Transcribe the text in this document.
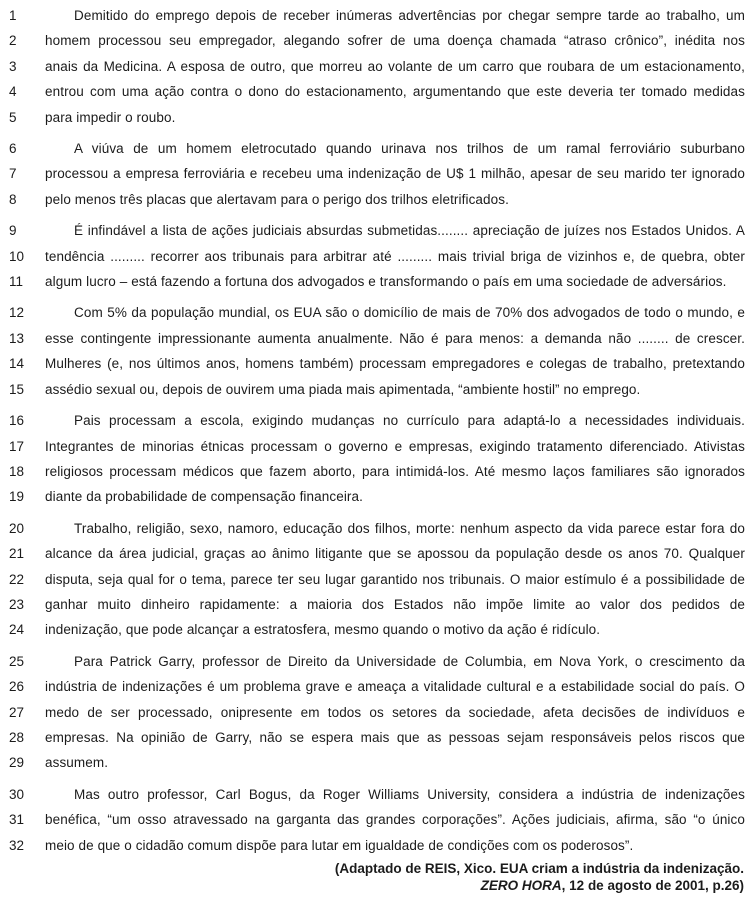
1	Demitido do emprego depois de receber inúmeras advertências por chegar sempre tarde ao trabalho, um
2	homem processou seu empregador, alegando sofrer de uma doença chamada “atraso crônico”, inédita nos
3	anais da Medicina. A esposa de outro, que morreu ao volante de um carro que roubara de um estacionamento,
4	entrou com uma ação contra o dono do estacionamento, argumentando que este deveria ter tomado medidas
5	para impedir o roubo.
6	A viúva de um homem eletrocutado quando urinava nos trilhos de um ramal ferroviário suburbano
7	processou a empresa ferroviária e recebeu uma indenização de U$ 1 milhão, apesar de seu marido ter ignorado
8	pelo menos três placas que alertavam para o perigo dos trilhos eletrificados.
9	É infindável a lista de ações judiciais absurdas submetidas........ apreciação de juízes nos Estados Unidos. A
10	tendência ......... recorrer aos tribunais para arbitrar até ......... mais trivial briga de vizinhos e, de quebra, obter
11	algum lucro – está fazendo a fortuna dos advogados e transformando o país em uma sociedade de adversários.
12	Com 5% da população mundial, os EUA são o domicílio de mais de 70% dos advogados de todo o mundo, e
13	esse contingente impressionante aumenta anualmente. Não é para menos: a demanda não ........ de crescer.
14	Mulheres (e, nos últimos anos, homens também) processam empregadores e colegas de trabalho, pretextando
15	assédio sexual ou, depois de ouvirem uma piada mais apimentada, “ambiente hostil” no emprego.
16	Pais processam a escola, exigindo mudanças no currículo para adaptá-lo a necessidades individuais.
17	Integrantes de minorias étnicas processam o governo e empresas, exigindo tratamento diferenciado. Ativistas
18	religiosos processam médicos que fazem aborto, para intimidá-los. Até mesmo laços familiares são ignorados
19	diante da probabilidade de compensação financeira.
20	Trabalho, religião, sexo, namoro, educação dos filhos, morte: nenhum aspecto da vida parece estar fora do
21	alcance da área judicial, graças ao ânimo litigante que se apossou da população desde os anos 70. Qualquer
22	disputa, seja qual for o tema, parece ter seu lugar garantido nos tribunais. O maior estímulo é a possibilidade de
23	ganhar muito dinheiro rapidamente: a maioria dos Estados não impõe limite ao valor dos pedidos de
24	indenização, que pode alcançar a estratosfera, mesmo quando o motivo da ação é ridículo.
25	Para Patrick Garry, professor de Direito da Universidade de Columbia, em Nova York, o crescimento da
26	indústria de indenizações é um problema grave e ameaça a vitalidade cultural e a estabilidade social do país. O
27	medo de ser processado, onipresente em todos os setores da sociedade, afeta decisões de indivíduos e
28	empresas. Na opinião de Garry, não se espera mais que as pessoas sejam responsáveis pelos riscos que
29	assumem.
30	Mas outro professor, Carl Bogus, da Roger Williams University, considera a indústria de indenizações
31	benéfica, “um osso atravessado na garganta das grandes corporações”. Ações judiciais, afirma, são “o único
32	meio de que o cidadão comum dispõe para lutar em igualdade de condições com os poderosos”.
(Adaptado de REIS, Xico. EUA criam a indústria da indenização.
ZERO HORA, 12 de agosto de 2001, p.26)
